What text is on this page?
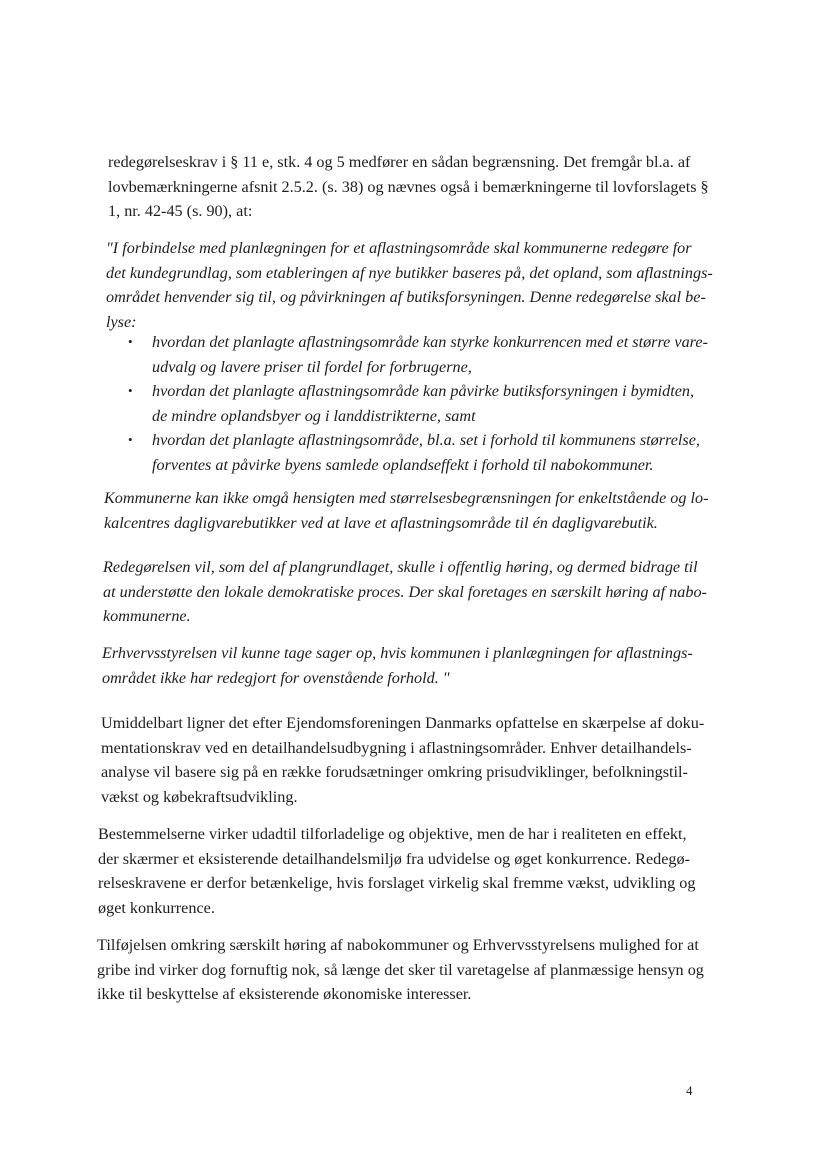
redegørelseskrav i § 11 e, stk. 4 og 5 medfører en sådan begrænsning. Det fremgår bl.a. af
lovbemærkningerne afsnit 2.5.2. (s. 38) og nævnes også i bemærkningerne til lovforslagets §
1, nr. 42-45 (s. 90), at:
"I forbindelse med planlægningen for et aflastningsområde skal kommunerne redegøre for
det kundegrundlag, som etableringen af nye butikker baseres på, det opland, som aflastnings-
området henvender sig til, og påvirkningen af butiksforsyningen. Denne redegørelse skal be-
lyse:
• hvordan det planlagte aflastningsområde kan styrke konkurrencen med et større vare-
udvalg og lavere priser til fordel for forbrugerne,
• hvordan det planlagte aflastningsområde kan påvirke butiksforsyningen i bymidten,
de mindre oplandsbyer og i landdistrikterne, samt
• hvordan det planlagte aflastningsområde, bl.a. set i forhold til kommunens størrelse,
forventes at påvirke byens samlede oplandseffekt i forhold til nabokommuner.
Kommunerne kan ikke omgå hensigten med størrelsesbegrænsningen for enkeltstående og lo-
kalcentres dagligvarebutikker ved at lave et aflastningsområde til én dagligvarebutik.
Redegørelsen vil, som del af plangrundlaget, skulle i offentlig høring, og dermed bidrage til
at understøtte den lokale demokratiske proces. Der skal foretages en særskilt høring af nabo-
kommunerne.
Erhvervsstyrelsen vil kunne tage sager op, hvis kommunen i planlægningen for aflastnings-
området ikke har redegjort for ovenstående forhold. "
Umiddelbart ligner det efter Ejendomsforeningen Danmarks opfattelse en skærpelse af doku-
mentationskrav ved en detailhandelsudbygning i aflastningsområder. Enhver detailhandels-
analyse vil basere sig på en række forudsætninger omkring prisudviklinger, befolkningstil-
vækst og købekraftsudvikling.
Bestemmelserne virker udadtil tilforladelige og objektive, men de har i realiteten en effekt,
der skærmer et eksisterende detailhandelsmiljø fra udvidelse og øget konkurrence. Redegø-
relseskravene er derfor betænkelige, hvis forslaget virkelig skal fremme vækst, udvikling og
øget konkurrence.
Tilføjelsen omkring særskilt høring af nabokommuner og Erhvervsstyrelsens mulighed for at
gribe ind virker dog fornuftig nok, så længe det sker til varetagelse af planmæssige hensyn og
ikke til beskyttelse af eksisterende økonomiske interesser.
4
